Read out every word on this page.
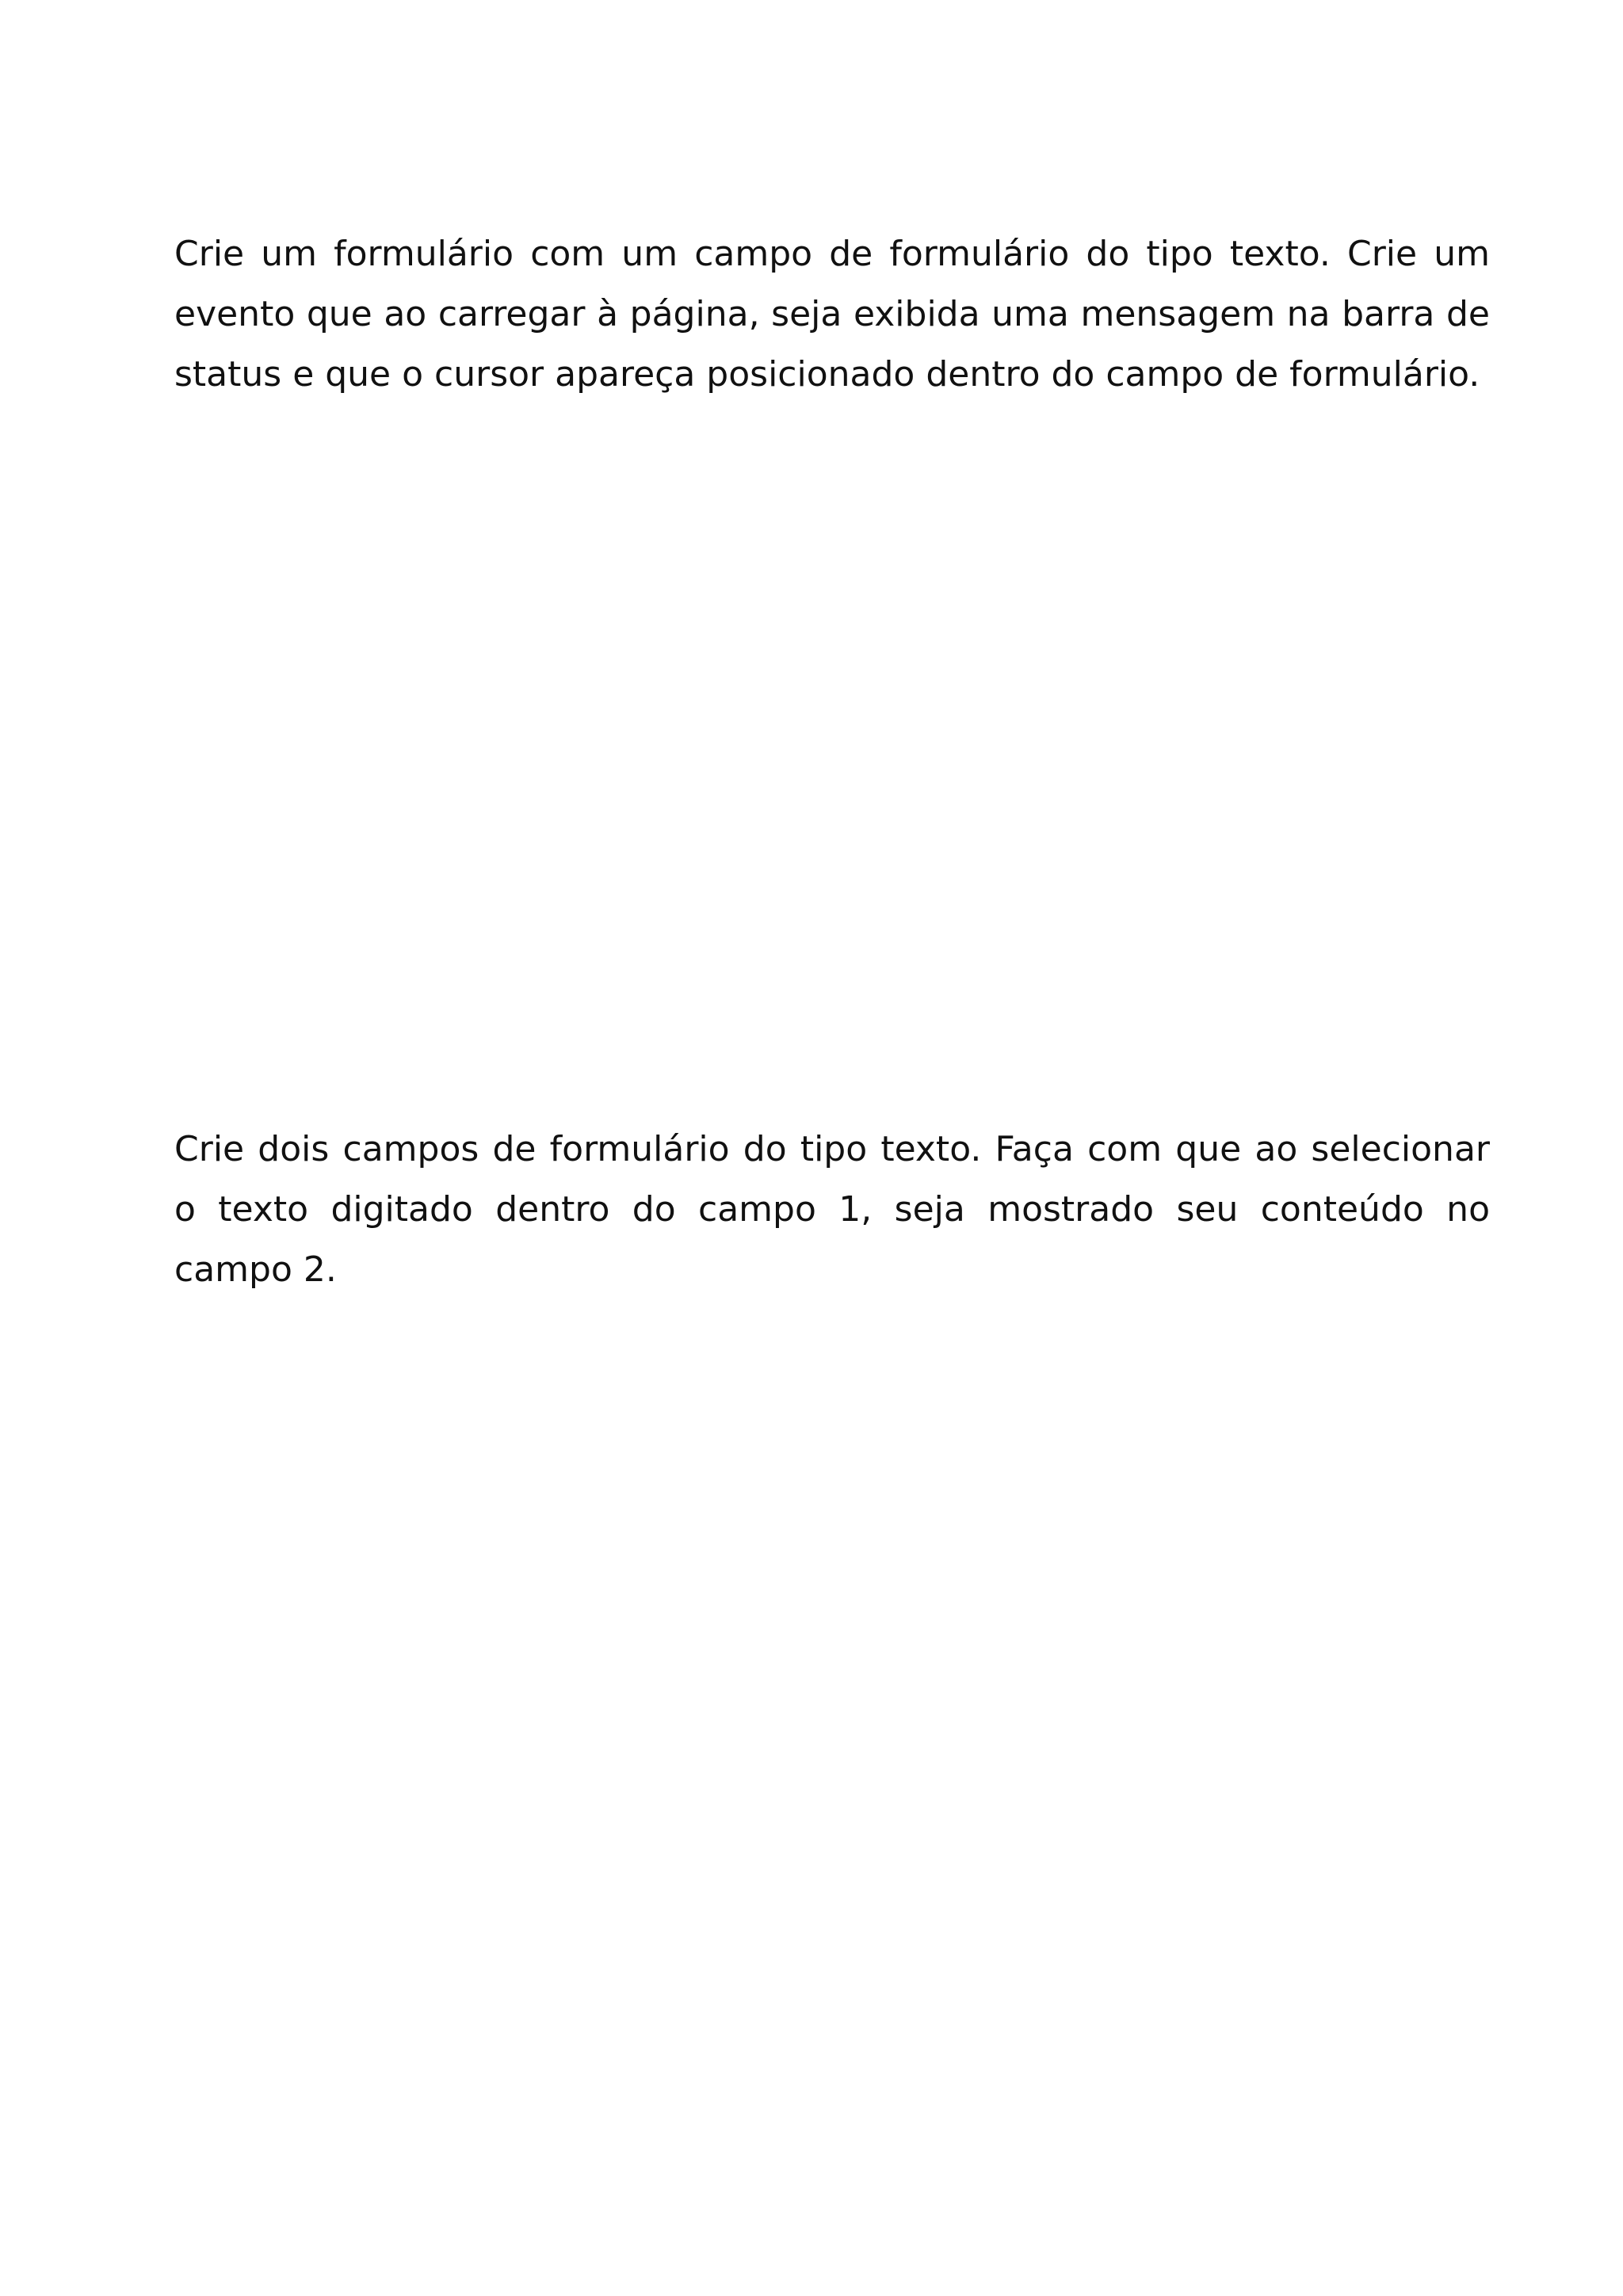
Crie um formulário com um campo de formulário do tipo texto. Crie um evento que ao carregar à página, seja exibida uma mensagem na barra de status e que o cursor apareça posicionado dentro do campo de formulário.

Crie dois campos de formulário do tipo texto. Faça com que ao selecionar o texto digitado dentro do campo 1, seja mostrado seu conteúdo no campo 2.
